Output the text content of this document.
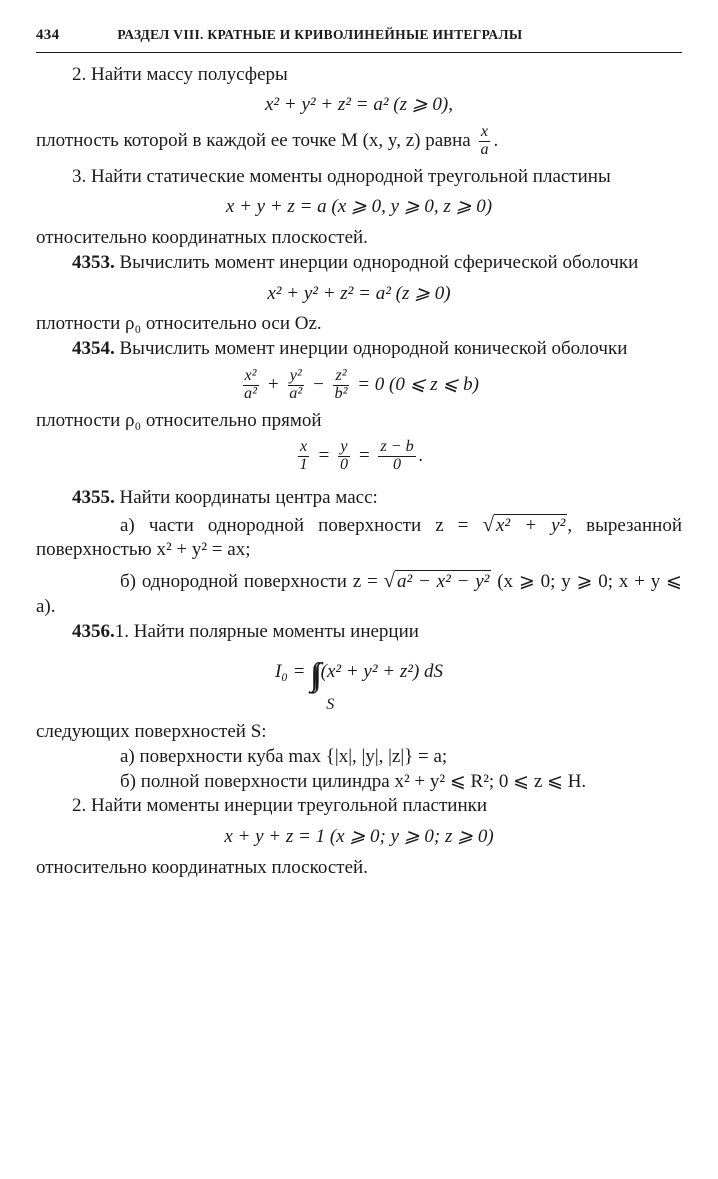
434	РАЗДЕЛ VIII. КРАТНЫЕ И КРИВОЛИНЕЙНЫЕ ИНТЕГРАЛЫ

2. Найти массу полусферы

x² + y² + z² = a² (z ⩾ 0),

плотность которой в каждой ее точке M (x, y, z) равна $\frac{x}{a}$ .

3. Найти статические моменты однородной треугольной пластины

x + y + z = a (x ⩾ 0, y ⩾ 0, z ⩾ 0)

относительно координатных плоскостей.

4353. Вычислить момент инерции однородной сферической оболочки

x² + y² + z² = a² (z ⩾ 0)

плотности ρ₀ относительно оси Oz.

4354. Вычислить момент инерции однородной конической оболочки

$\frac{\text{x²}}{\text{a²}} + \frac{\text{y²}}{\text{a²}} - \frac{\text{z²}}{\text{b²}} = 0$ (0 ⩽ z ⩽ b)

плотности ρ₀ относительно прямой

$\frac{x}{1} = \frac{y}{0} = \frac{z - b}{0}$ .

4355. Найти координаты центра масс:

а) части однородной поверхности z = √ x² + y² , вырезанной поверхностью x² + y² = ax;

б) однородной поверхности z = √ a² − x² − y² (x ⩾ 0; y ⩾ 0; x + y ⩽ a).

4356.1. Найти полярные моменты инерции

I₀ = ∫∫
S
(x² + y² + z²) dS

следующих поверхностей S:

а) поверхности куба max {|x|, |y|, |z|} = a;

б) полной поверхности цилиндра x² + y² ⩽ R²; 0 ⩽ z ⩽ H.

2. Найти моменты инерции треугольной пластинки

x + y + z = 1 (x ⩾ 0; y ⩾ 0; z ⩾ 0)

относительно координатных плоскостей.
